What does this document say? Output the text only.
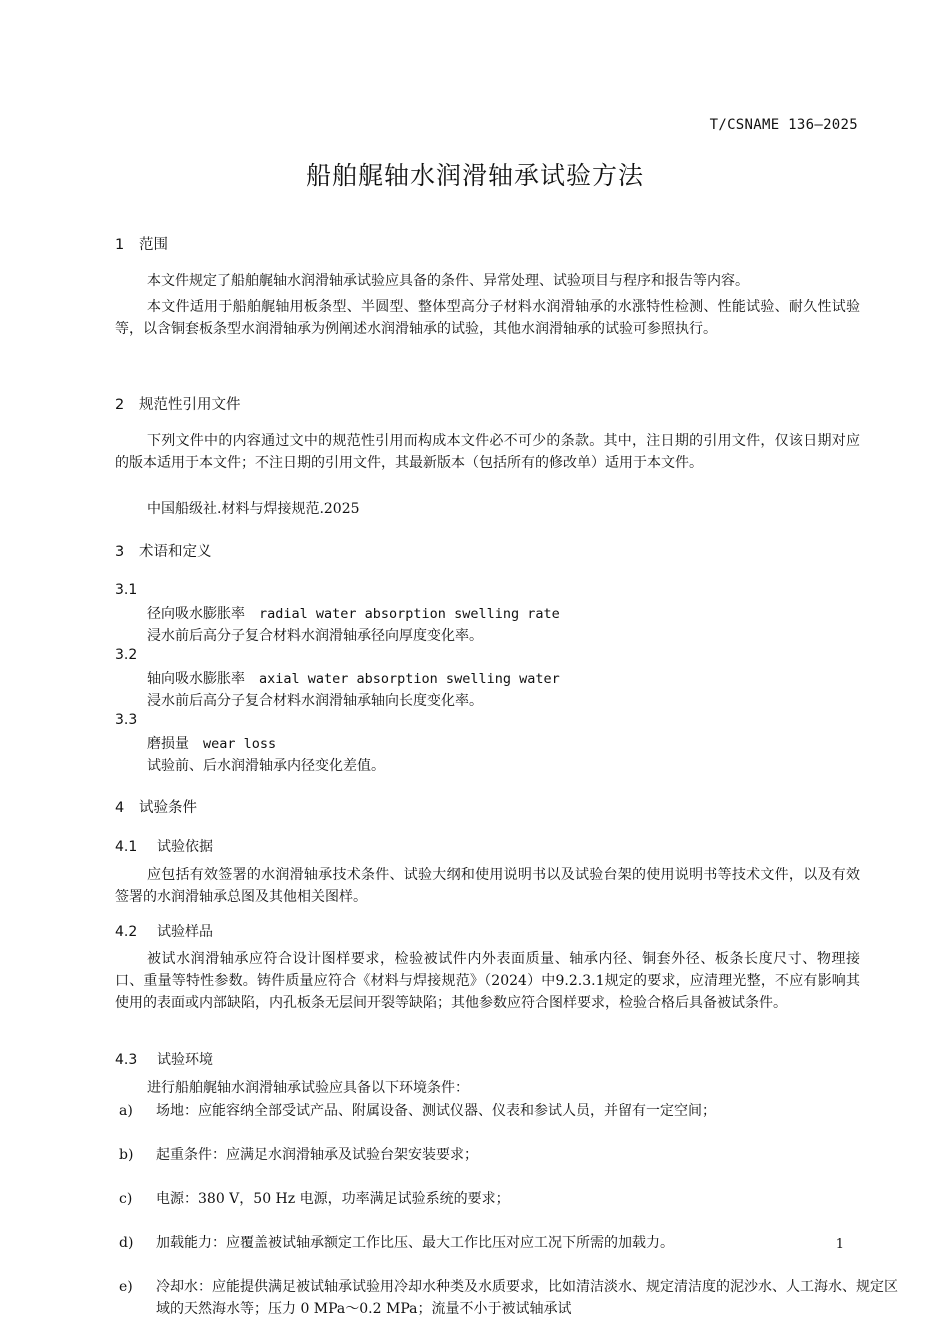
T/CSNAME 136—2025
船舶艉轴水润滑轴承试验方法
1 范围
本文件规定了船舶艉轴水润滑轴承试验应具备的条件、异常处理、试验项目与程序和报告等内容。
本文件适用于船舶艉轴用板条型、半圆型、整体型高分子材料水润滑轴承的水涨特性检测、性能试验、耐久性试验等，以含铜套板条型水润滑轴承为例阐述水润滑轴承的试验，其他水润滑轴承的试验可参照执行。
2 规范性引用文件
下列文件中的内容通过文中的规范性引用而构成本文件必不可少的条款。其中，注日期的引用文件，仅该日期对应的版本适用于本文件；不注日期的引用文件，其最新版本（包括所有的修改单）适用于本文件。
中国船级社.材料与焊接规范.2025
3 术语和定义
3.1
径向吸水膨胀率 radial water absorption swelling rate
浸水前后高分子复合材料水润滑轴承径向厚度变化率。
3.2
轴向吸水膨胀率 axial water absorption swelling water
浸水前后高分子复合材料水润滑轴承轴向长度变化率。
3.3
磨损量 wear loss
试验前、后水润滑轴承内径变化差值。
4 试验条件
4.1 试验依据
应包括有效签署的水润滑轴承技术条件、试验大纲和使用说明书以及试验台架的使用说明书等技术文件，以及有效签署的水润滑轴承总图及其他相关图样。
4.2 试验样品
被试水润滑轴承应符合设计图样要求，检验被试件内外表面质量、轴承内径、铜套外径、板条长度尺寸、物理接口、重量等特性参数。铸件质量应符合《材料与焊接规范》（2024）中9.2.3.1规定的要求，应清理光整，不应有影响其使用的表面或内部缺陷，内孔板条无层间开裂等缺陷；其他参数应符合图样要求，检验合格后具备被试条件。
4.3 试验环境
进行船舶艉轴水润滑轴承试验应具备以下环境条件：
a) 场地：应能容纳全部受试产品、附属设备、测试仪器、仪表和参试人员，并留有一定空间；
b) 起重条件：应满足水润滑轴承及试验台架安装要求；
c) 电源：380 V，50 Hz 电源，功率满足试验系统的要求；
d) 加载能力：应覆盖被试轴承额定工作比压、最大工作比压对应工况下所需的加载力。
e) 冷却水：应能提供满足被试轴承试验用冷却水种类及水质要求，比如清洁淡水、规定清洁度的泥沙水、人工海水、规定区域的天然海水等；压力 0 MPa～0.2 MPa；流量不小于被试轴承试
1
